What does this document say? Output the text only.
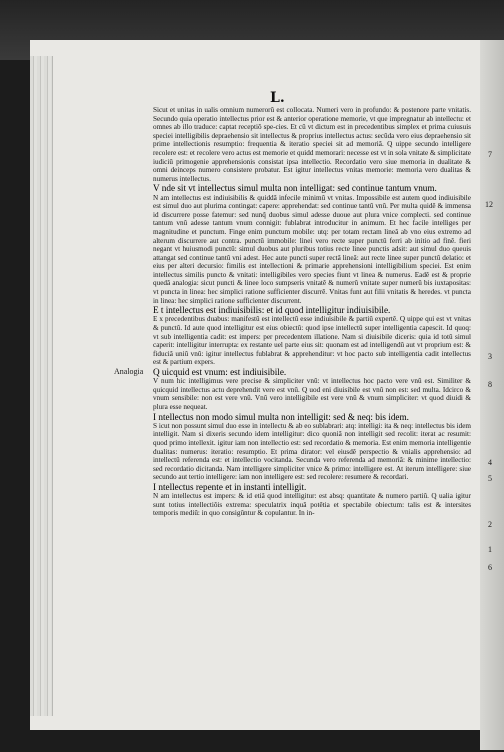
L.

Sicut et unitas in ualis omnium numerorũ est collocata. Numeri vero in profundo: & postenore parte vnitatis. Secundo quia operatio intellectus prior est & anterior operatione memorie, vt que impregnatur ab intellectu: et omnes ab illo traduce: captat receptiõ spe-cies. Et cũ vt dictum est in precedentibus simplex et prima cuiusuis speciei intelligibilis depraehensio sit intellectus & proprius intellectus actus: secũda vero eius depraehensio sit prime intellectionis resumptio: frequentia & iteratio speciei sit ad memoriã. Q uippe secundo intelligere recolere est: et recolere vero actus est memorie et quidd memorari: necesse est vt in sola vnitate & simplicitate iudiciũ primogenie apprehensionis consistat ipsa intellectio. Recordatio vero siue memoria in dualitate & omni deinceps numero consistere probatur. Est igitur intellectus vnitas memorie: memoria vero dualitas & numerus intellectus.

V nde sit vt intellectus simul multa non intelligat: sed continue tantum vnum.

N am intellectus est indiuisibilis & quiddã infecile minimũ vt vnitas. Impossibile est autem quod indiuisibile est simul duo aut plurima contingat: capere: apprehendat: sed continue tantũ vnũ. Per multa quidẽ & immensa id discurrere posse fatemur: sed nunq̃ duobus simul adesse duoue aut plura vnice complecti. sed continue tantum vnũ adesse tantum vnum connigit: fublabrat introducitur in animum. Et hec facile intelliges per magnitudine et punctum. Finge enim punctum mobile: utq: per totam rectam lineã ab vno eius extremo ad alterum discurrere aut contra. punctũ immobile: linei vero recte super punctũ ferri ab initio ad finẽ. fieri negant vt huiusmodi punctũ: simul duobus aut pluribus totius recte linee punctis adsit: aut simul duo queuis attangat sed continue tantũ vni adest. Hec aute puncti super rectã lineã: aut recte linee super punctũ delatio: et eius per alteri decursio: fimilis est intellectioni & primarie apprehensioni intelligibilium speciei. Est enim intellectus similis puncto & vnitati: intelligibiles vero species fiunt vt linea & numerus. Eadẽ est & proprie quedã analogia: sicut puncti & linee loco sumpseris vnitatẽ & numerũ vnitate super numerũ bis iuxtapositas: vt puncta in linea: hec simplici ratione sufficienter discurrẽ. Vnitas funt aut filii vnitatis & heredes. vt puncta in linea: hec simplici ratione sufficienter discurrent.

E t intellectus est indiuisibilis: et id quod intelligitur indiuisibile.

E x precedentibus duabus: manifestũ est intellectũ esse indiuisibile & partiũ expertẽ. Q uippe qui est vt vnitas & punctũ. Id aute quod intelligitur est eius obiectũ: quod ipse intellectũ super intelligentia capescit. Id quoq: vt sub intelligentia cadit: est impers: per precedentem illatione. Nam si diuisibile diceris: quia id totũ simul caperit: intelligitur interrupta: ex restante uel parte eius sit: quonam est ad intelligendũ aut vt proprium est: & fiduciã uniũ vnũ: igitur intellectus fublabrat & apprehenditur: vt hoc pacto sub intelligentia cadit intellectus est & partium expers.

Q uicquid est vnum: est indiuisibile.

V num hic intelligimus vere precise & simpliciter vnũ: vt intellectus hoc pacto vere vnũ est. Similiter & quicquid intellectus actu deprehendit vere est vnũ. Q uod eni diuisibile est vnũ non est: sed multa. Idcirco & vnum sensibile: non est vere vnũ. Vnũ vero intelligibile est vere vnũ & vnum simpliciter: vt quod diuidi & plura esse nequeat.

I ntellectus non modo simul multa non intelligit: sed & neq: bis idem.

S icut non possunt simul duo esse in intellectu & ab eo sublabrari: atq: intelligi: ita & neq: intellectus bis idem intelligit. Nam si dixeris secundo idem intelligitur: dico quoniã non intelligit sed recolit: iterat ac resumit: quod primo intellexit. igitur iam non intellectio est: sed recordatio & memoria. Est enim memoria intelligentie dualitas: numerus: iteratio: resumptio. Et prima dirator: vel eiusdẽ perspectio & vnialis apprehensio: ad intellectũ referenda est: et intellectio vocitanda. Secunda vero referenda ad memoriã: & minime intellectio: sed recordatio dicitanda. Nam intelligere simpliciter vnice & primo: intelligere est. At iterum intelligere: siue secundo aut tertio intelligere: iam non intelligere est: sed recolere: resumere & recordari.

I ntellectus repente et in instanti intelligit.

N am intellectus est impers: & id etiã quod intelligitur: est absq: quantitate & numero partiũ. Q ualia igitur sunt totius intellectiõis extrema: speculatrix inquã potẽtia et spectabile obiectum: talis est & intersites temporis mediũ: in quo consigũntur & copulantur. In in-

Analogia
7
12
3
8
4
5
2
1
6
